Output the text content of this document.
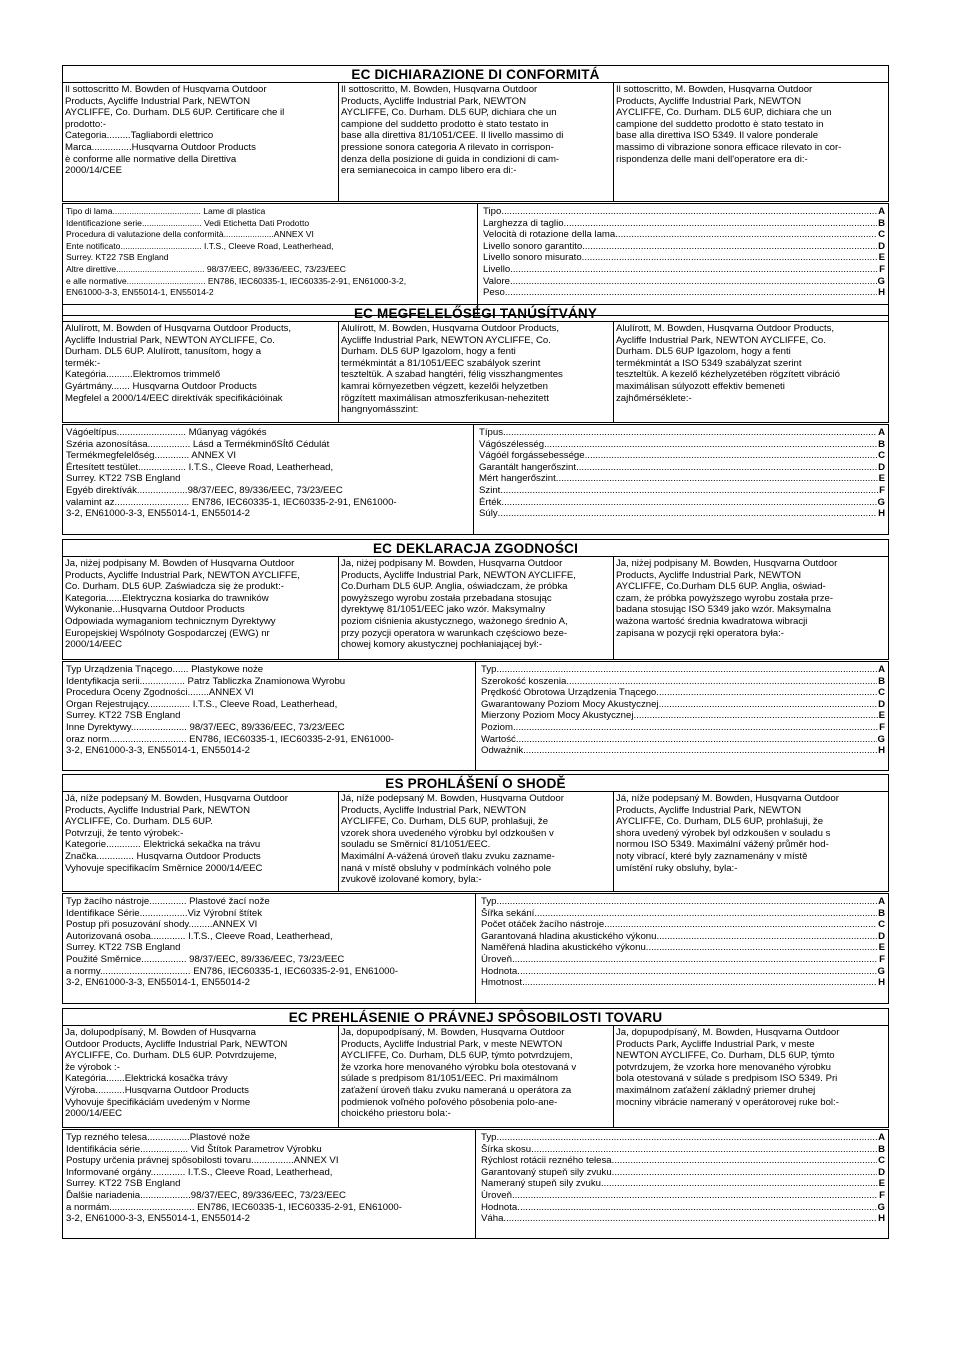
EC DICHIARAZIONE DI CONFORMITÁ
Il sottoscritto M. Bowden of Husqvarna Outdoor
Products, Aycliffe Industrial Park, NEWTON
AYCLIFFE, Co. Durham. DL5 6UP. Certificare che il
prodotto:-
Categoria.........Tagliabordi elettrico
Marca...............Husqvarna Outdoor Products
è conforme alle normative della Direttiva
2000/14/CEE
Il sottoscritto, M. Bowden, Husqvarna Outdoor
Products, Aycliffe Industrial Park, NEWTON
AYCLIFFE, Co. Durham. DL5 6UP, dichiara che un
campione del suddetto prodotto è stato testato in
base alla direttiva 81/1051/CEE. Il livello massimo di
pressione sonora categoria A rilevato in corrispon-
denza della posizione di guida in condizioni di cam-
era semianecoica in campo libero era di:-
Il sottoscritto, M. Bowden, Husqvarna Outdoor
Products, Aycliffe Industrial Park, NEWTON
AYCLIFFE, Co. Durham. DL5 6UP, dichiara che un
campione del suddetto prodotto è stato testato in
base alla direttiva ISO 5349. Il valore ponderale
massimo di vibrazione sonora efficace rilevato in cor-
rispondenza delle mani dell'operatore era di:-
Tipo di lama..................................... Lame di plastica
Identificazione serie......................... Vedi Etichetta Dati Prodotto
Procedura di valutazione della conformità.....................ANNEX VI
Ente notificato.................................. I.T.S., Cleeve Road, Leatherhead,
Surrey. KT22 7SB England
Altre direttive..................................... 98/37/EEC, 89/336/EEC, 73/23/EEC
e alle normative................................. EN786, IEC60335-1, IEC60335-2-91, EN61000-3-2,
EN61000-3-3, EN55014-1, EN55014-2
Tipo .....	A
Larghezza di taglio .....	B
Velocità di rotazione della lama .....	C
Livello sonoro garantito .....	D
Livello sonoro misurato .....	E
Livello .....	F
Valore .....	G
Peso .....	H
EC MEGFELELŐSÉGI TANÚSÍTVÁNY
Alulírott, M. Bowden of Husqvarna Outdoor Products,
Aycliffe Industrial Park, NEWTON AYCLIFFE, Co.
Durham. DL5 6UP. Alulírott, tanusítom, hogy a
termék:-
Kategória..........Elektromos trimmelő
Gyártmány....... Husqvarna Outdoor Products
Megfelel a 2000/14/EEC direktívák specifikációinak
Alulírott, M. Bowden, Husqvarna Outdoor Products,
Aycliffe Industrial Park, NEWTON AYCLIFFE, Co.
Durham. DL5 6UP Igazolom, hogy a fenti
termékmintát a 81/1051/EEC szabályok szerint
teszteltük. A szabad hangtéri, félig visszhangmentes
kamrai környezetben végzett, kezelői helyzetben
rögzített maximálisan atmoszferikusan-nehezitett
hangnyomásszint:
Alulírott, M. Bowden, Husqvarna Outdoor Products,
Aycliffe Industrial Park, NEWTON AYCLIFFE, Co.
Durham. DL5 6UP Igazolom, hogy a fenti
termékmintát a ISO 5349 szabályzat szerint
teszteltük. A kezelő kézhelyzetében rögzített vibráció
maximálisan súlyozott effektiv bemeneti
zajhőmérséklete:-
Vágóeltípus.......................... Műanyag vágókés
Széria azonosítása................ Lásd a TermékminőSÍtő Cédulát
Termékmegfelelőség............. ANNEX VI
Értesített testület.................. I.T.S., Cleeve Road, Leatherhead,
Surrey. KT22 7SB England
Egyéb direktívák...................98/37/EEC, 89/336/EEC, 73/23/EEC
valamint az............................ EN786, IEC60335-1, IEC60335-2-91, EN61000-
3-2, EN61000-3-3, EN55014-1, EN55014-2
Típus .....	A
Vágószélesség .....	B
Vágóél forgássebessége .....	C
Garantált hangerőszint .....	D
Mért hangerőszint .....	E
Szint .....	F
Érték .....	G
Súly .....	H
EC DEKLARACJA ZGODNOŚCI
Ja, niżej podpisany M. Bowden of Husqvarna Outdoor
Products, Aycliffe Industrial Park, NEWTON AYCLIFFE,
Co. Durham. DL5 6UP. Zaświadcza się że produkt:-
Kategoria......Elektryczna kosiarka do trawników
Wykonanie...Husqvarna Outdoor Products
Odpowiada wymaganiom technicznym Dyrektywy
Europejskiej Wspólnoty Gospodarczej (EWG) nr
2000/14/EEC
Ja, niżej podpisany M. Bowden, Husqvarna Outdoor
Products, Aycliffe Industrial Park, NEWTON AYCLIFFE,
Co.Durham DL5 6UP. Anglia, oświadczam, że próbka
powyższego wyrobu została przebadana stosując
dyrektywę 81/1051/EEC jako wzór. Maksymalny
poziom ciśnienia akustycznego, ważonego średnio A,
przy pozycji operatora w warunkach częściowo beze-
chowej komory akustycznej pochłaniającej był:-
Ja, niżej podpisany M. Bowden, Husqvarna Outdoor
Products, Aycliffe Industrial Park, NEWTON
AYCLIFFE, Co.Durham DL5 6UP. Anglia, oświad-
czam, że próbka powyższego wyrobu została prze-
badana stosując ISO 5349 jako wzór. Maksymalna
ważona wartość średnia kwadratowa wibracji
zapisana w pozycji ręki operatora była:-
Typ Urządzenia Tnącego...... Plastykowe noże
Identyfikacja serii................. Patrz Tabliczka Znamionowa Wyrobu
Procedura Oceny Zgodności........ANNEX VI
Organ Rejestrujący................ I.T.S., Cleeve Road, Leatherhead,
Surrey. KT22 7SB England
Inne Dyrektywy..................... 98/37/EEC, 89/336/EEC, 73/23/EEC
oraz norm............................. EN786, IEC60335-1, IEC60335-2-91, EN61000-
3-2, EN61000-3-3, EN55014-1, EN55014-2
Typ .....	A
Szerokość koszenia .....	B
Prędkość Obrotowa Urządzenia Tnącego .....	C
Gwarantowany Poziom Mocy Akustycznej .....	D
Mierzony Poziom Mocy Akustycznej .....	E
Poziom .....	F
Wartość .....	G
Odważnik .....	H
ES PROHLÁŠENÍ O SHODĚ
Já, níže podepsaný M. Bowden, Husqvarna Outdoor
Products, Aycliffe Industrial Park, NEWTON
AYCLIFFE, Co. Durham. DL5 6UP.
Potvrzuji, že tento výrobek:-
Kategorie............. Elektrická sekačka na trávu
Značka.............. Husqvarna Outdoor Products
Vyhovuje specifikacím Směrnice 2000/14/EEC
Já, níže podepsaný M. Bowden, Husqvarna Outdoor
Products, Aycliffe Industrial Park, NEWTON
AYCLIFFE, Co. Durham, DL5 6UP, prohlašuji, že
vzorek shora uvedeného výrobku byl odzkoušen v
souladu se Směrnicí 81/1051/EEC.
Maximální A-vážená úroveň tlaku zvuku zazname-
naná v místě obsluhy v podmínkách volného pole
zvukově izolované komory, byla:-
Já, níže podepsaný M. Bowden, Husqvarna Outdoor
Products, Aycliffe Industrial Park, NEWTON
AYCLIFFE, Co. Durham, DL5 6UP, prohlašuji, že
shora uvedený výrobek byl odzkoušen v souladu s
normou ISO 5349. Maximální vážený průměr hod-
noty vibrací, které byly zaznamenány v místě
umístění ruky obsluhy, byla:-
Typ žacího nástroje.............. Plastové žací nože
Identifikace Série..................Viz Výrobní štítek
Postup při posuzování shody.........ANNEX VI
Autorizovaná osoba............. I.T.S., Cleeve Road, Leatherhead,
Surrey. KT22 7SB England
Použité Směrnice................. 98/37/EEC, 89/336/EEC, 73/23/EEC
a normy.................................. EN786, IEC60335-1, IEC60335-2-91, EN61000-
3-2, EN61000-3-3, EN55014-1, EN55014-2
Typ .....	A
Šířka sekání .....	B
Počet otáček žacího nástroje .....	C
Garantovaná hladina akustického výkonu .....	D
Naměřená hladina akustického výkonu .....	E
Úroveň .....	F
Hodnota .....	G
Hmotnost .....	H
EC PREHLÁSENIE O PRÁVNEJ SPÔSOBILOSTI TOVARU
Ja, dolupodpísaný, M. Bowden of Husqvarna
Outdoor Products, Aycliffe Industrial Park, NEWTON
AYCLIFFE, Co. Durham. DL5 6UP. Potvrdzujeme,
že výrobok :-
Kategória.......Elektrická kosačka trávy
Výroba...........Husqvarna Outdoor Products
Vyhovuje špecifikáciám uvedeným v Norme
2000/14/EEC
Ja, dopupodpísaný, M. Bowden, Husqvarna Outdoor
Products, Aycliffe Industrial Park, v meste NEWTON
AYCLIFFE, Co. Durham, DL5 6UP, týmto potvrdzujem,
že vzorka hore menovaného výrobku bola otestovaná v
súlade s predpisom 81/1051/EEC. Pri maximálnom
zaťažení úroveň tlaku zvuku nameraná u operátora za
podmienok voľného poľového pôsobenia polo-ane-
choického priestoru bola:-
Ja, dopupodpísaný, M. Bowden, Husqvarna Outdoor
Products Park, Aycliffe Industrial Park, v meste
NEWTON AYCLIFFE, Co. Durham, DL5 6UP, týmto
potvrdzujem, že vzorka hore menovaného výrobku
bola otestovaná v súlade s predpisom ISO 5349. Pri
maximálnom zaťažení základný priemer druhej
mocniny vibrácie nameraný v operátorovej ruke bol:-
Typ rezného telesa................Plastové nože
Identifikácia série.................. Vid Štítok Parametrov Výrobku
Postupy určenia právnej spôsobilosti tovaru................ANNEX VI
Informované orgány............. I.T.S., Cleeve Road, Leatherhead,
Surrey. KT22 7SB England
Ďalšie nariadenia...................98/37/EEC, 89/336/EEC, 73/23/EEC
a normám................................ EN786, IEC60335-1, IEC60335-2-91, EN61000-
3-2, EN61000-3-3, EN55014-1, EN55014-2
Typ .....	A
Šírka skosu .....	B
Rýchlost rotácii rezného telesa .....	C
Garantovaný stupeň sily zvuku .....	D
Nameraný stupeň sily zvuku .....	E
Úroveň .....	F
Hodnota .....	G
Váha .....	H
